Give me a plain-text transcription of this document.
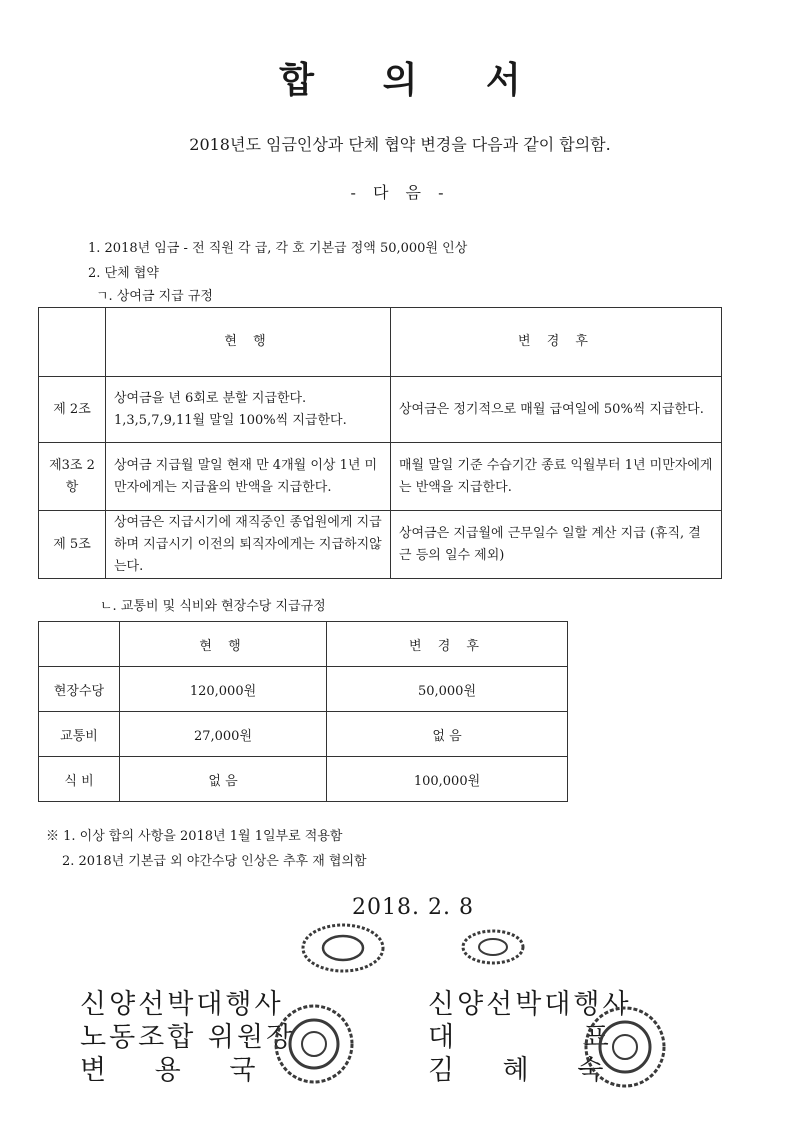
합 의 서
2018년도 임금인상과 단체 협약 변경을 다음과 같이 합의함.
- 다 음 -
1. 2018년 임금 - 전 직원 각 급, 각 호 기본급 정액 50,000원 인상
2. 단체 협약
ㄱ. 상여금 지급 규정
	현 행	변 경 후
제 2조	상여금을 년 6회로 분할 지급한다. 1,3,5,7,9,11월 말일 100%씩 지급한다.	상여금은 정기적으로 매월 급여일에 50%씩 지급한다.
제3조 2항	상여금 지급월 말일 현재 만 4개월 이상 1년 미만자에게는 지급율의 반액을 지급한다.	매월 말일 기준 수습기간 종료 익월부터 1년 미만자에게는 반액을 지급한다.
제 5조	상여금은 지급시기에 재직중인 종업원에게 지급하며 지급시기 이전의 퇴직자에게는 지급하지않는다.	상여금은 지급월에 근무일수 일할 계산 지급 (휴직, 결근 등의 일수 제외)
ㄴ. 교통비 및 식비와 현장수당 지급규정
	현 행	변 경 후
현장수당	120,000원	50,000원
교통비	27,000원	없 음
식 비	없 음	100,000원
※ 1. 이상 합의 사항을 2018년 1월 1일부로 적용함
2. 2018년 기본급 외 야간수당 인상은 추후 재 협의함
2018. 2. 8
신양선박대행사
노동조합 위원장
변 용 국
신양선박대행사
대 표
김 혜 숙
